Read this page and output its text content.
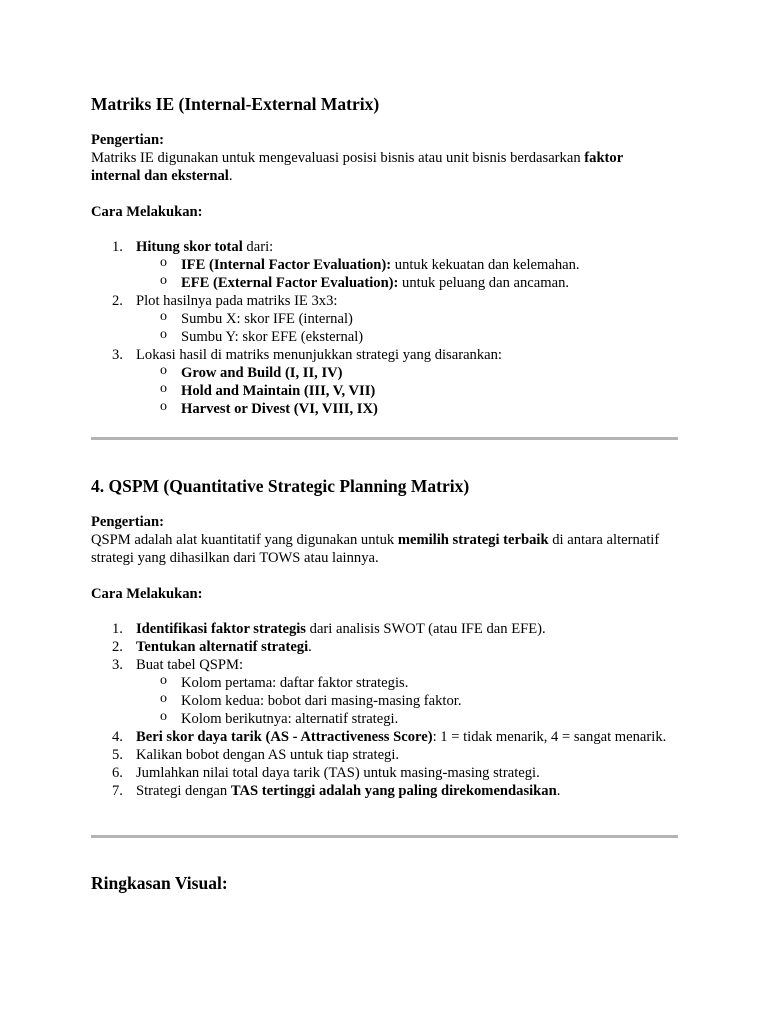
Matriks IE (Internal-External Matrix)

Pengertian:

Matriks IE digunakan untuk mengevaluasi posisi bisnis atau unit bisnis berdasarkan faktor internal dan eksternal.

Cara Melakukan:

1. Hitung skor total dari:
o IFE (Internal Factor Evaluation): untuk kekuatan dan kelemahan.
o EFE (External Factor Evaluation): untuk peluang dan ancaman.
2. Plot hasilnya pada matriks IE 3x3:
o Sumbu X: skor IFE (internal)
o Sumbu Y: skor EFE (eksternal)
3. Lokasi hasil di matriks menunjukkan strategi yang disarankan:
o Grow and Build (I, II, IV)
o Hold and Maintain (III, V, VII)
o Harvest or Divest (VI, VIII, IX)
4. QSPM (Quantitative Strategic Planning Matrix)

Pengertian:

QSPM adalah alat kuantitatif yang digunakan untuk memilih strategi terbaik di antara alternatif strategi yang dihasilkan dari TOWS atau lainnya.

Cara Melakukan:

1. Identifikasi faktor strategis dari analisis SWOT (atau IFE dan EFE).
2. Tentukan alternatif strategi.
3. Buat tabel QSPM:
o Kolom pertama: daftar faktor strategis.
o Kolom kedua: bobot dari masing-masing faktor.
o Kolom berikutnya: alternatif strategi.
4. Beri skor daya tarik (AS - Attractiveness Score): 1 = tidak menarik, 4 = sangat menarik.
5. Kalikan bobot dengan AS untuk tiap strategi.
6. Jumlahkan nilai total daya tarik (TAS) untuk masing-masing strategi.
7. Strategi dengan TAS tertinggi adalah yang paling direkomendasikan.
Ringkasan Visual:
